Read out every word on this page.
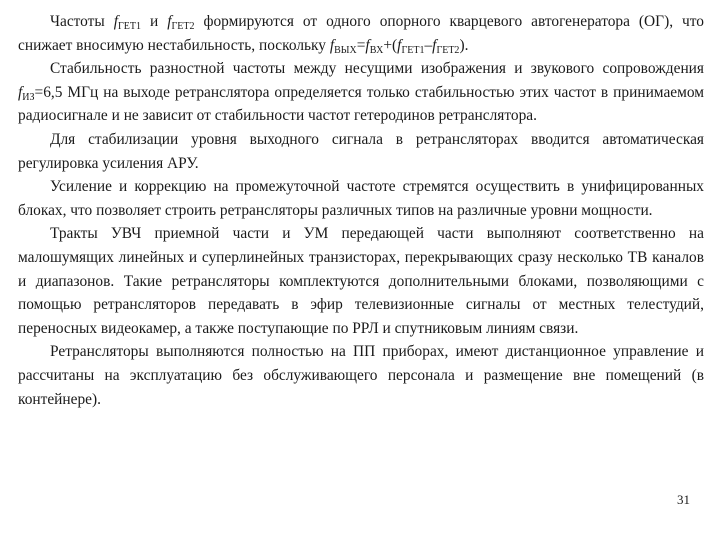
Частоты $f_{ГЕТ1}$ и $f_{ГЕТ2}$ формируются от одного опорного кварцевого автогенератора (ОГ), что снижает вносимую нестабильность, поскольку $f_{ВЫХ}=f_{ВХ}+(f_{ГЕТ1}-f_{ГЕТ2})$.

Стабильность разностной частоты между несущими изображения и звукового сопровождения $f_{ИЗ}=6,5$ МГц на выходе ретранслятора определяется только стабильностью этих частот в принимаемом радиосигнале и не зависит от стабильности частот гетеродинов ретранслятора.

Для стабилизации уровня выходного сигнала в ретрансляторах вводится автоматическая регулировка усиления АРУ.

Усиление и коррекцию на промежуточной частоте стремятся осуществить в унифицированных блоках, что позволяет строить ретрансляторы различных типов на различные уровни мощности.

Тракты УВЧ приемной части и УМ передающей части выполняют соответственно на малошумящих линейных и суперлинейных транзисторах, перекрывающих сразу несколько ТВ каналов и диапазонов. Такие ретрансляторы комплектуются дополнительными блоками, позволяющими с помощью ретрансляторов передавать в эфир телевизионные сигналы от местных телестудий, переносных видеокамер, а также поступающие по РРЛ и спутниковым линиям связи.

Ретрансляторы выполняются полностью на ПП приборах, имеют дистанционное управление и рассчитаны на эксплуатацию без обслуживающего персонала и размещение вне помещений (в контейнере).

31
